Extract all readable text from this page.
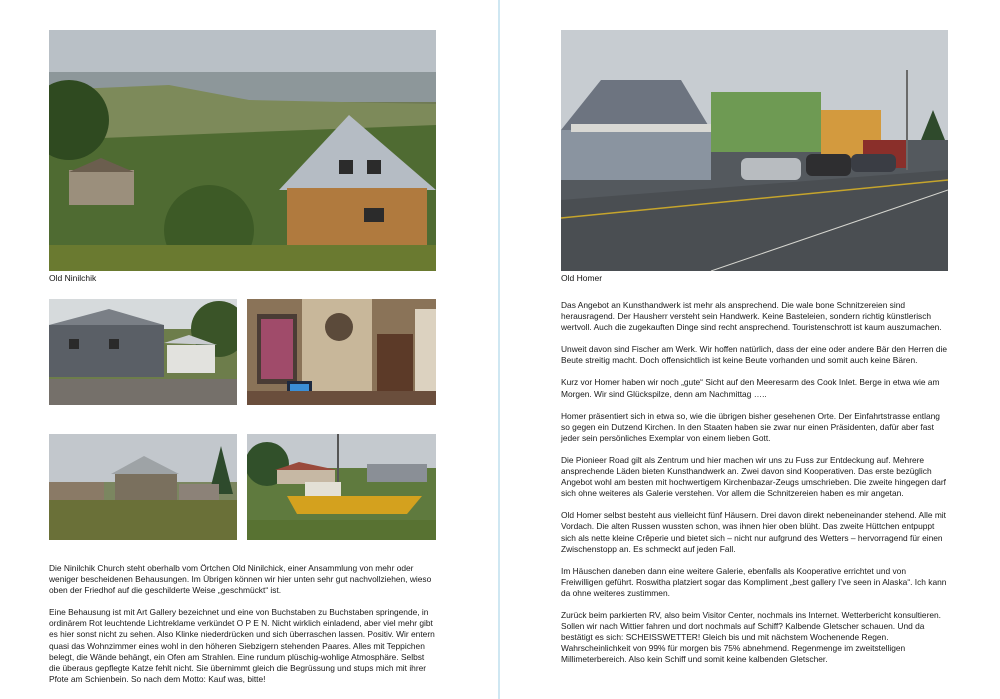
Old Ninilchik

Die Ninilchik Church steht oberhalb vom Örtchen Old Ninilchick, einer Ansammlung von mehr oder weniger bescheidenen Behausungen. Im Übrigen können wir hier unten sehr gut nachvollziehen, wieso oben der Friedhof auf die geschilderte Weise „geschmückt“ ist.

Eine Behausung ist mit Art Gallery bezeichnet und eine von Buchstaben zu Buchstaben springende, in ordinärem Rot leuchtende Lichtreklame verkündet O P E N. Nicht wirklich einladend, aber viel mehr gibt es hier sonst nicht zu sehen. Also Klinke niederdrücken und sich überraschen lassen. Positiv. Wir entern quasi das Wohnzimmer eines wohl in den höheren Siebzigern stehenden Paares. Alles mit Teppichen belegt, die Wände behängt, ein Ofen am Strahlen. Eine rundum plüschig-wohlige Atmosphäre. Selbst die überaus gepflegte Katze fehlt nicht. Sie übernimmt gleich die Begrüssung und stups mich mit ihrer Pfote am Schienbein. So nach dem Motto: Kauf was, bitte!

Old Homer

Das Angebot an Kunsthandwerk ist mehr als ansprechend. Die wale bone Schnitzereien sind herausragend. Der Hausherr versteht sein Handwerk. Keine Basteleien, sondern richtig künstlerisch wertvoll. Auch die zugekauften Dinge sind recht ansprechend. Touristenschrott ist kaum auszumachen.

Unweit davon sind Fischer am Werk. Wir hoffen natürlich, dass der eine oder andere Bär den Herren die Beute streitig macht. Doch offensichtlich ist keine Beute vorhanden und somit auch keine Bären.

Kurz vor Homer haben wir noch „gute“ Sicht auf den Meeresarm des Cook Inlet. Berge in etwa wie am Morgen. Wir sind Glückspilze, denn am Nachmittag …..

Homer präsentiert sich in etwa so, wie die übrigen bisher gesehenen Orte. Der Einfahrtstrasse entlang so gegen ein Dutzend Kirchen. In den Staaten haben sie zwar nur einen Präsidenten, dafür aber fast jeder sein persönliches Exemplar von einem lieben Gott.

Die Pionieer Road gilt als Zentrum und hier machen wir uns zu Fuss zur Entdeckung auf. Mehrere ansprechende Läden bieten Kunsthandwerk an. Zwei davon sind Kooperativen. Das erste bezüglich Angebot wohl am besten mit hochwertigem Kirchenbazar-Zeugs umschrieben. Die zweite hingegen darf sich ohne weiteres als Galerie verstehen. Vor allem die Schnitzereien haben es mir angetan.

Old Homer selbst besteht aus vielleicht fünf Häusern. Drei davon direkt nebeneinander stehend. Alle mit Vordach. Die alten Russen wussten schon, was ihnen hier oben blüht. Das zweite Hüttchen entpuppt sich als nette kleine Crêperie und bietet sich – nicht nur aufgrund des Wetters – hervorragend für einen Zwischenstopp an. Es schmeckt auf jeden Fall.

Im Häuschen daneben dann eine weitere Galerie, ebenfalls als Kooperative errichtet und von Freiwilligen geführt. Roswitha platziert sogar das Kompliment „best gallery I’ve seen in Alaska“. Ich kann da ohne weiteres zustimmen.

Zurück beim parkierten RV, also beim Visitor Center, nochmals ins Internet. Wetterbericht konsultieren. Sollen wir nach Wittier fahren und dort nochmals auf Schiff? Kalbende Gletscher schauen. Und da bestätigt es sich: SCHEISSWETTER! Gleich bis und mit nächstem Wochenende Regen. Wahrscheinlichkeit von 99% für morgen bis 75% abnehmend. Regenmenge im zweitstelligen Millimeterbereich. Also kein Schiff und somit keine kalbenden Gletscher.
